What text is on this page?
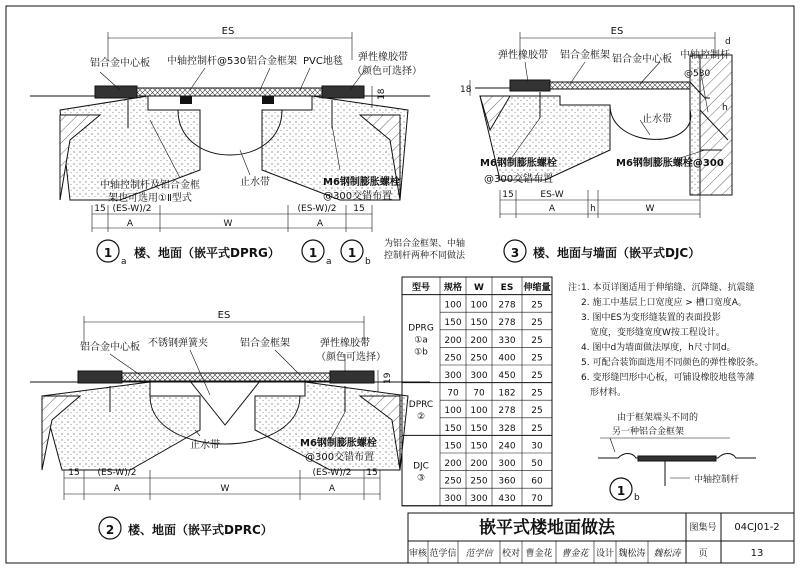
ES
18
铝合金中心板 中轴控制杆@530 铝合金框架 PVC地毯 弹性橡胶带
（颜色可选择）
中轴控制杆及铝合金框
架也可选用①Ⅱ型式
止水带	M6钢制膨胀螺栓
@300交错布置
15 (ES-W)/2	(ES-W)/2 15
A	W	A
1
a
楼、地面（嵌平式DPRG） 1
a
1
b
为铝合金框架、中轴
控制杆两种不同做法
ES
d
18
h
弹性橡胶带 铝合金框架 铝合金中心板 中轴控制杆
@530
止水带
M6钢制膨胀螺栓
@300交错布置
M6钢制膨胀螺栓@300
15	ES-W
A	h	W
3 楼、地面与墙面（嵌平式DJC）
ES
19
铝合金中心板 不锈钢弹簧夹	铝合金框架	弹性橡胶带
（颜色可选择）
止水带	M6钢制膨胀螺栓
@300交错布置
15 (ES-W)/2	(ES-W)/2 15
A	W	A
2 楼、地面（嵌平式DPRC）
型号 规格 W ES 伸缩量
DPRG
①a
①b
100 100 278 25
150 150 278 25
200 200 330 25
250 250 400 25
300 300 450 25
DPRC
②
70 70 182 25
100 100 278 25
150 150 328 25
DJC
③
150 150 240 30
200 200 300 50
250 250 360 60
300 300 430 70
注：
1. 本页详图适用于伸缩缝、沉降缝、抗震缝
2. 施工中基层上口宽度应 > 槽口宽度A。
3. 图中ES为变形缝装置的表面投影
宽度，变形缝宽度W按工程设计。
4. 图中d为墙面做法厚度，h尺寸同d。
5. 可配合装饰面选用不同颜色的弹性橡胶条。
6. 变形缝凹形中心板，可铺设橡胶地毯等薄
形材料。
由于框架端头不同的
另一种铝合金框架
中轴控制杆
1 b
嵌平式楼地面做法	图集号 04CJ01-2
审核 范学信 范学信 校对 曹金花 曹金花 设计 魏松涛 魏松涛 页	13
